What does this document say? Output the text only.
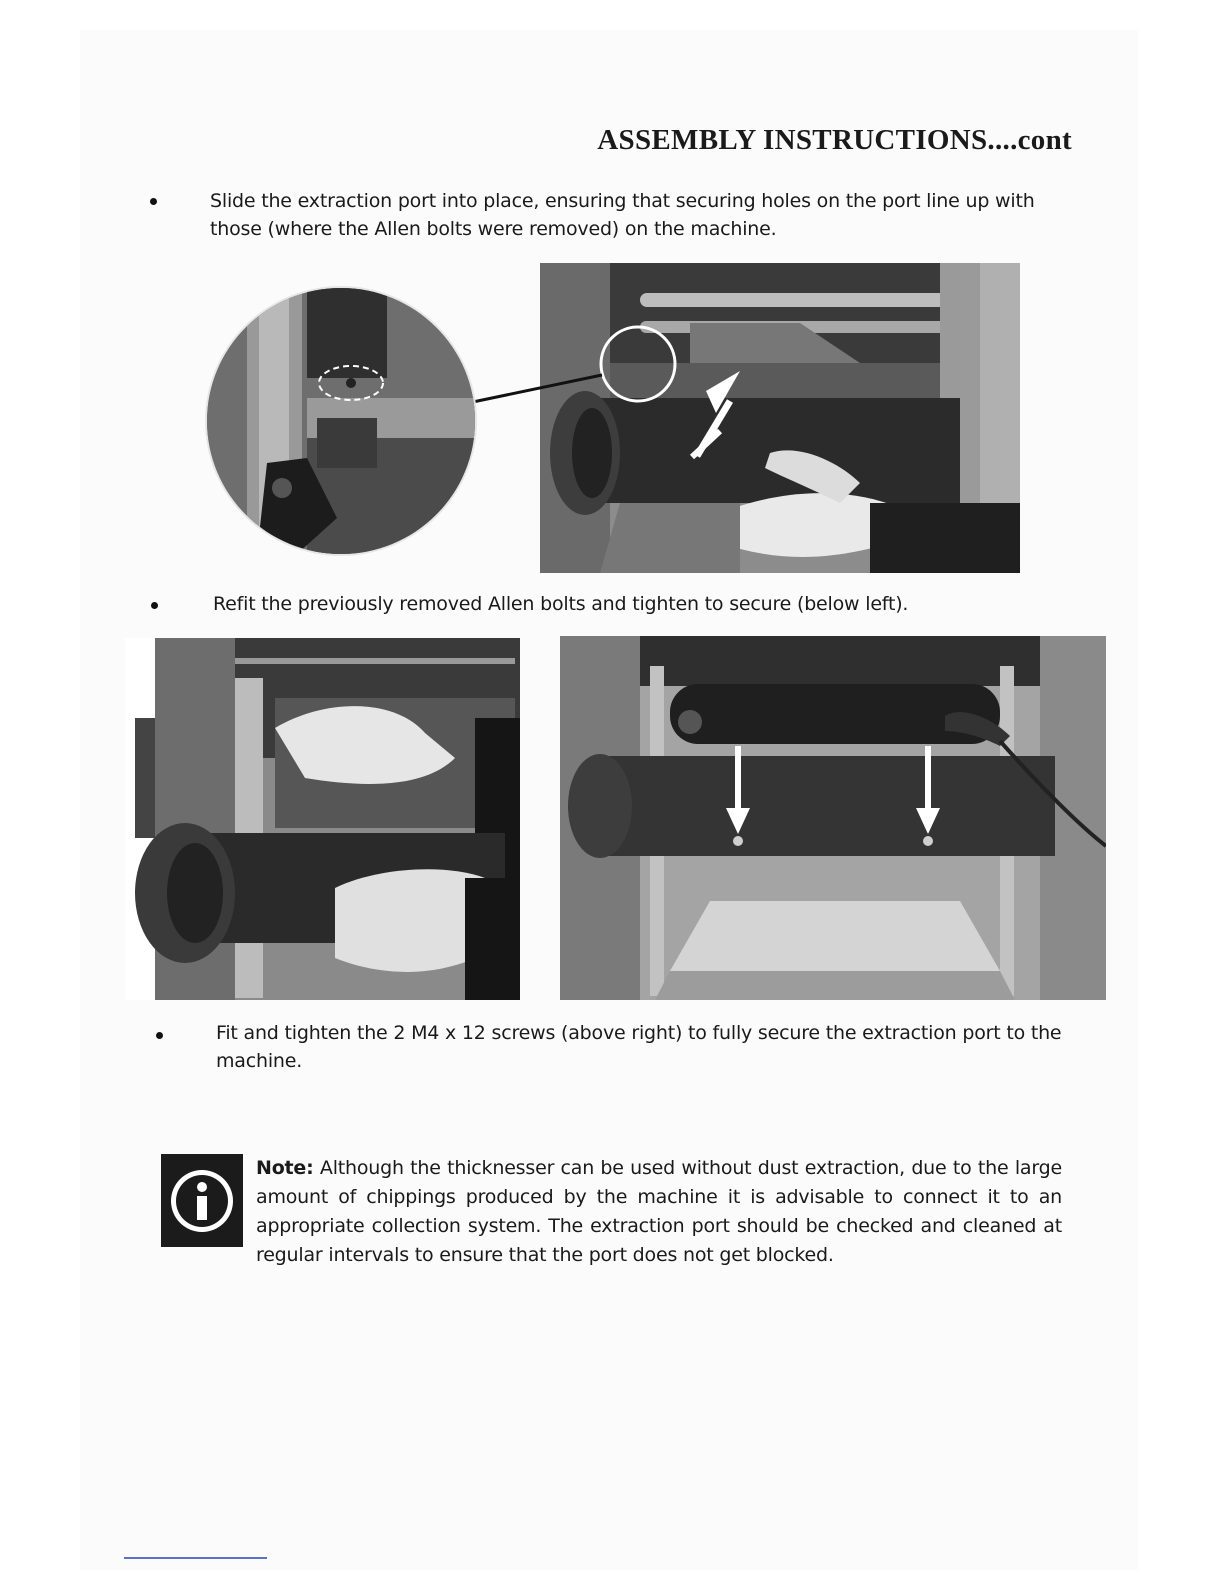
ASSEMBLY INSTRUCTIONS....cont

Slide the extraction port into place, ensuring that securing holes on the port line up with those (where the Allen bolts were removed) on the machine.

Refit the previously removed Allen bolts and tighten to secure (below left).

Fit and tighten the 2 M4 x 12 screws (above right) to fully secure the extraction port to the machine.

Note: Although the thicknesser can be used without dust extraction, due to the large amount of chippings produced by the machine it is advisable to connect it to an appropriate collection system. The extraction port should be checked and cleaned at regular intervals to ensure that the port does not get blocked.
